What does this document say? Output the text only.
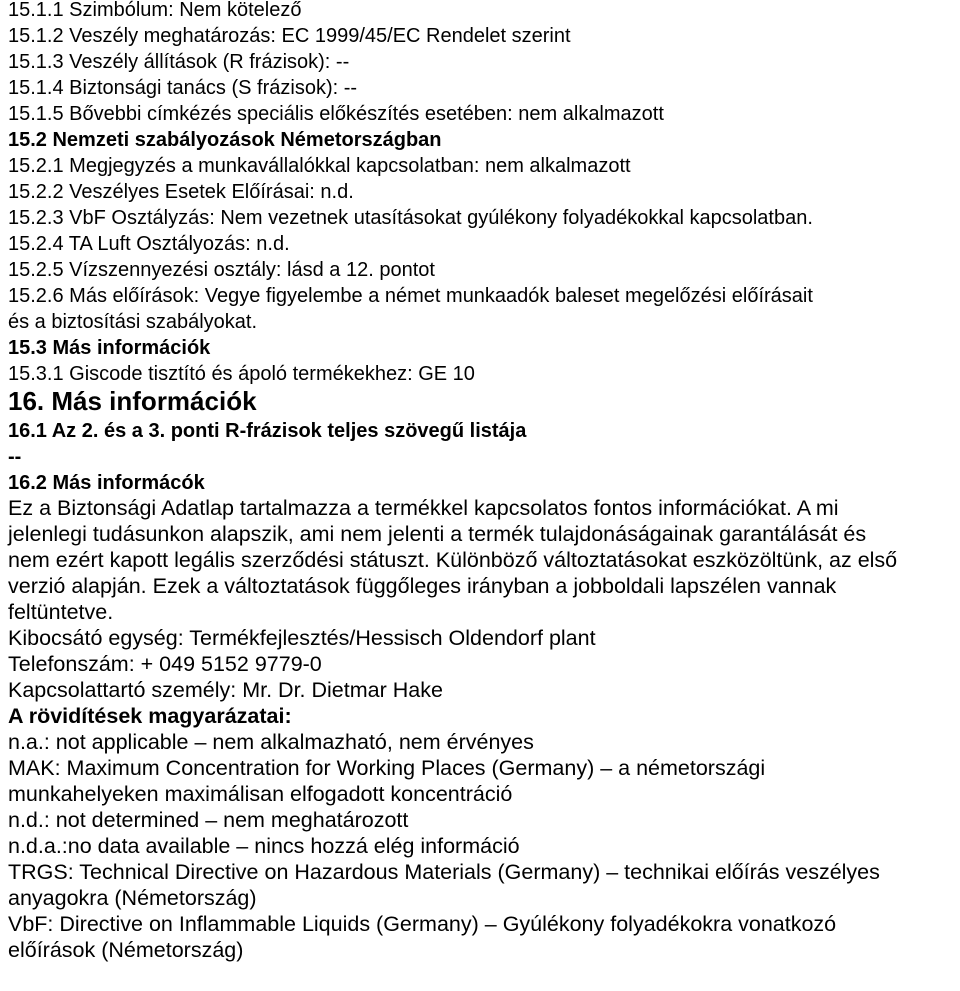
15.1.1 Szimbólum: Nem kötelező
15.1.2 Veszély meghatározás: EC 1999/45/EC Rendelet szerint
15.1.3 Veszély állítások (R frázisok): --
15.1.4 Biztonsági tanács (S frázisok): --
15.1.5 Bővebbi címkézés speciális előkészítés esetében: nem alkalmazott
15.2 Nemzeti szabályozások Németországban
15.2.1 Megjegyzés a munkavállalókkal kapcsolatban: nem alkalmazott
15.2.2 Veszélyes Esetek Előírásai: n.d.
15.2.3 VbF Osztályzás: Nem vezetnek utasításokat gyúlékony folyadékokkal kapcsolatban.
15.2.4 TA Luft Osztályozás: n.d.
15.2.5 Vízszennyezési osztály: lásd a 12. pontot
15.2.6 Más előírások: Vegye figyelembe a német munkaadók baleset megelőzési előírásait
és a biztosítási szabályokat.
15.3 Más információk
15.3.1 Giscode tisztító és ápoló termékekhez: GE 10
16. Más információk
16.1 Az 2. és a 3. ponti R-frázisok teljes szövegű listája
--
16.2 Más informácók
Ez a Biztonsági Adatlap tartalmazza a termékkel kapcsolatos fontos információkat. A mi
jelenlegi tudásunkon alapszik, ami nem jelenti a termék tulajdonáságainak garantálását és
nem ezért kapott legális szerződési státuszt. Különböző változtatásokat eszközöltünk, az első
verzió alapján. Ezek a változtatások függőleges irányban a jobboldali lapszélen vannak
feltüntetve.
Kibocsátó egység: Termékfejlesztés/Hessisch Oldendorf plant
Telefonszám: + 049 5152 9779-0
Kapcsolattartó személy: Mr. Dr. Dietmar Hake
A rövidítések magyarázatai:
n.a.: not applicable – nem alkalmazható, nem érvényes
MAK: Maximum Concentration for Working Places (Germany) – a németországi
munkahelyeken maximálisan elfogadott koncentráció
n.d.: not determined – nem meghatározott
n.d.a.:no data available – nincs hozzá elég információ
TRGS: Technical Directive on Hazardous Materials (Germany) – technikai előírás veszélyes
anyagokra (Németország)
VbF: Directive on Inflammable Liquids (Germany) – Gyúlékony folyadékokra vonatkozó
előírások (Németország)
